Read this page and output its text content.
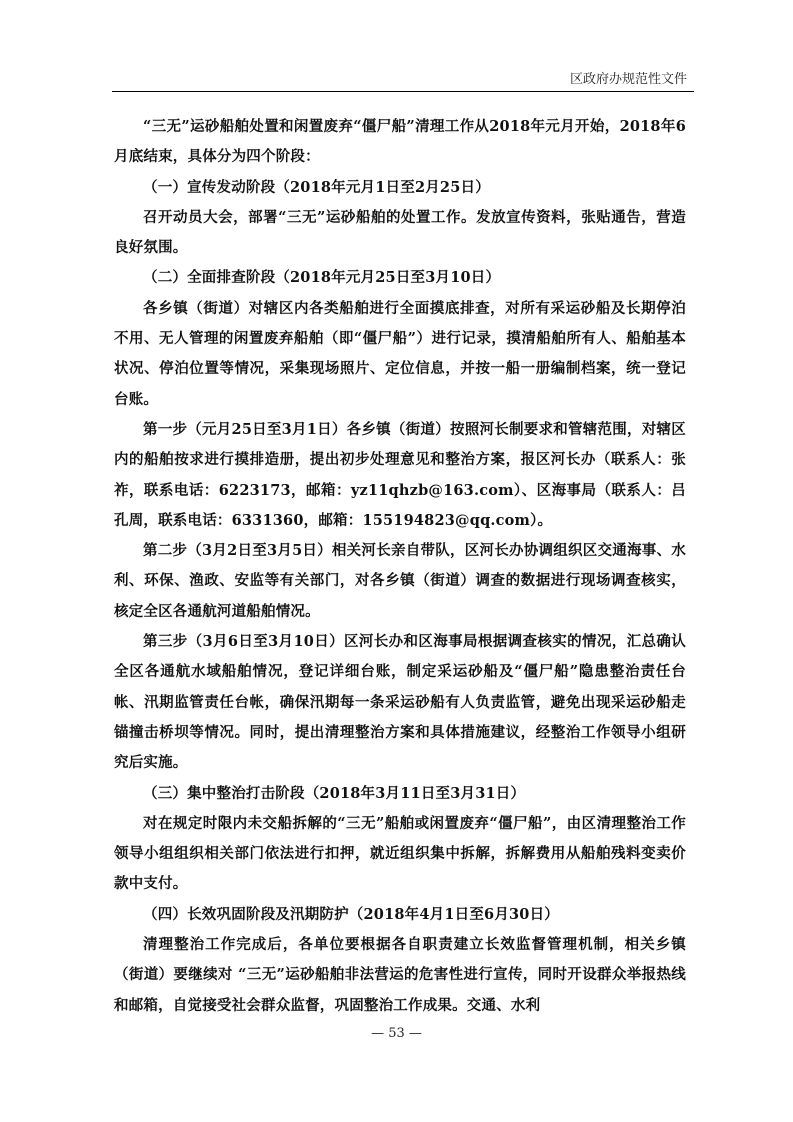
区政府办规范性文件

“三无”运砂船舶处置和闲置废弃“僵尸船”清理工作从2018年元月开始，2018年6月底结束，具体分为四个阶段：

（一）宣传发动阶段（2018年元月1日至2月25日）

召开动员大会，部署“三无”运砂船舶的处置工作。发放宣传资料，张贴通告，营造良好氛围。

（二）全面排查阶段（2018年元月25日至3月10日）

各乡镇（街道）对辖区内各类船舶进行全面摸底排查，对所有采运砂船及长期停泊不用、无人管理的闲置废弃船舶（即“僵尸船”）进行记录，摸清船舶所有人、船舶基本状况、停泊位置等情况，采集现场照片、定位信息，并按一船一册编制档案，统一登记台账。

第一步（元月25日至3月1日）各乡镇（街道）按照河长制要求和管辖范围，对辖区内的船舶按求进行摸排造册，提出初步处理意见和整治方案，报区河长办（联系人：张祚，联系电话：6223173，邮箱：yz11qhzb@163.com）、区海事局（联系人：吕孔周，联系电话：6331360，邮箱：155194823@qq.com）。

第二步（3月2日至3月5日）相关河长亲自带队，区河长办协调组织区交通海事、水利、环保、渔政、安监等有关部门，对各乡镇（街道）调查的数据进行现场调查核实，核定全区各通航河道船舶情况。

第三步（3月6日至3月10日）区河长办和区海事局根据调查核实的情况，汇总确认全区各通航水域船舶情况，登记详细台账，制定采运砂船及“僵尸船”隐患整治责任台帐、汛期监管责任台帐，确保汛期每一条采运砂船有人负责监管，避免出现采运砂船走锚撞击桥坝等情况。同时，提出清理整治方案和具体措施建议，经整治工作领导小组研究后实施。

（三）集中整治打击阶段（2018年3月11日至3月31日）

对在规定时限内未交船拆解的“三无”船舶或闲置废弃“僵尸船”，由区清理整治工作领导小组组织相关部门依法进行扣押，就近组织集中拆解，拆解费用从船舶残料变卖价款中支付。

（四）长效巩固阶段及汛期防护（2018年4月1日至6月30日）

清理整治工作完成后，各单位要根据各自职责建立长效监督管理机制，相关乡镇（街道）要继续对 “三无”运砂船舶非法营运的危害性进行宣传，同时开设群众举报热线和邮箱，自觉接受社会群众监督，巩固整治工作成果。交通、水利

— 53 —
